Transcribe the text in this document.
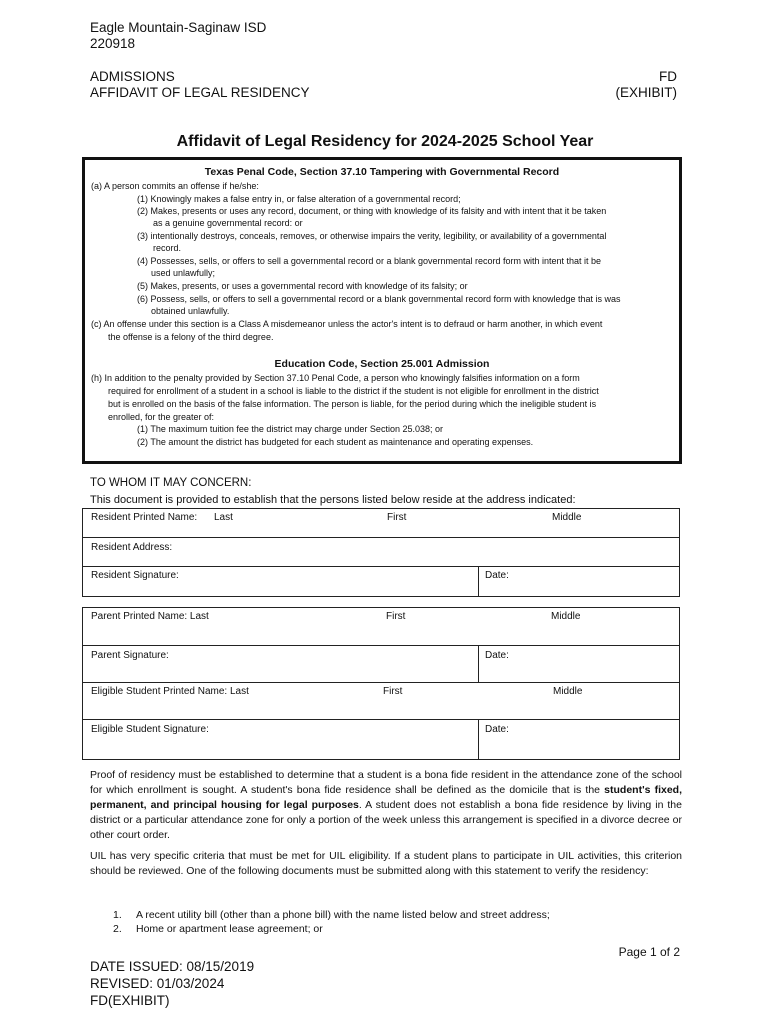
Eagle Mountain-Saginaw ISD
220918
ADMISSIONS
AFFIDAVIT OF LEGAL RESIDENCY
FD
(EXHIBIT)
Affidavit of Legal Residency for 2024-2025 School Year
Texas Penal Code, Section 37.10 Tampering with Governmental Record
(a) A person commits an offense if he/she:
(1) Knowingly makes a false entry in, or false alteration of a governmental record;
(2) Makes, presents or uses any record, document, or thing with knowledge of its falsity and with intent that it be taken
as a genuine governmental record: or
(3) intentionally destroys, conceals, removes, or otherwise impairs the verity, legibility, or availability of a governmental
record.
(4) Possesses, sells, or offers to sell a governmental record or a blank governmental record form with intent that it be
used unlawfully;
(5) Makes, presents, or uses a governmental record with knowledge of its falsity; or
(6) Possess, sells, or offers to sell a governmental record or a blank governmental record form with knowledge that is was
obtained unlawfully.
(c) An offense under this section is a Class A misdemeanor unless the actor's intent is to defraud or harm another, in which event
the offense is a felony of the third degree.
Education Code, Section 25.001 Admission
(h) In addition to the penalty provided by Section 37.10 Penal Code, a person who knowingly falsifies information on a form
required for enrollment of a student in a school is liable to the district if the student is not eligible for enrollment in the district
but is enrolled on the basis of the false information. The person is liable, for the period during which the ineligible student is
enrolled, for the greater of:
(1) The maximum tuition fee the district may charge under Section 25.038; or
(2) The amount the district has budgeted for each student as maintenance and operating expenses.
TO WHOM IT MAY CONCERN:
This document is provided to establish that the persons listed below reside at the address indicated:
Resident Printed Name: Last	First	Middle

Resident Address:

Resident Signature:	Date:
Parent Printed Name: Last First Middle	

Parent Signature:	Date:

Eligible Student Printed Name: Last First Middle	

Eligible Student Signature:	Date:
Proof of residency must be established to determine that a student is a bona fide resident in the attendance zone of the school for which enrollment is sought. A student's bona fide residence shall be defined as the domicile that is the student's fixed, permanent, and principal housing for legal purposes. A student does not establish a bona fide residence by living in the district or a particular attendance zone for only a portion of the week unless this arrangement is specified in a divorce decree or other court order.
UIL has very specific criteria that must be met for UIL eligibility. If a student plans to participate in UIL activities, this criterion should be reviewed. One of the following documents must be submitted along with this statement to verify the residency:
1. A recent utility bill (other than a phone bill) with the name listed below and street address;
2. Home or apartment lease agreement; or
Page 1 of 2
DATE ISSUED: 08/15/2019
REVISED: 01/03/2024
FD(EXHIBIT)
